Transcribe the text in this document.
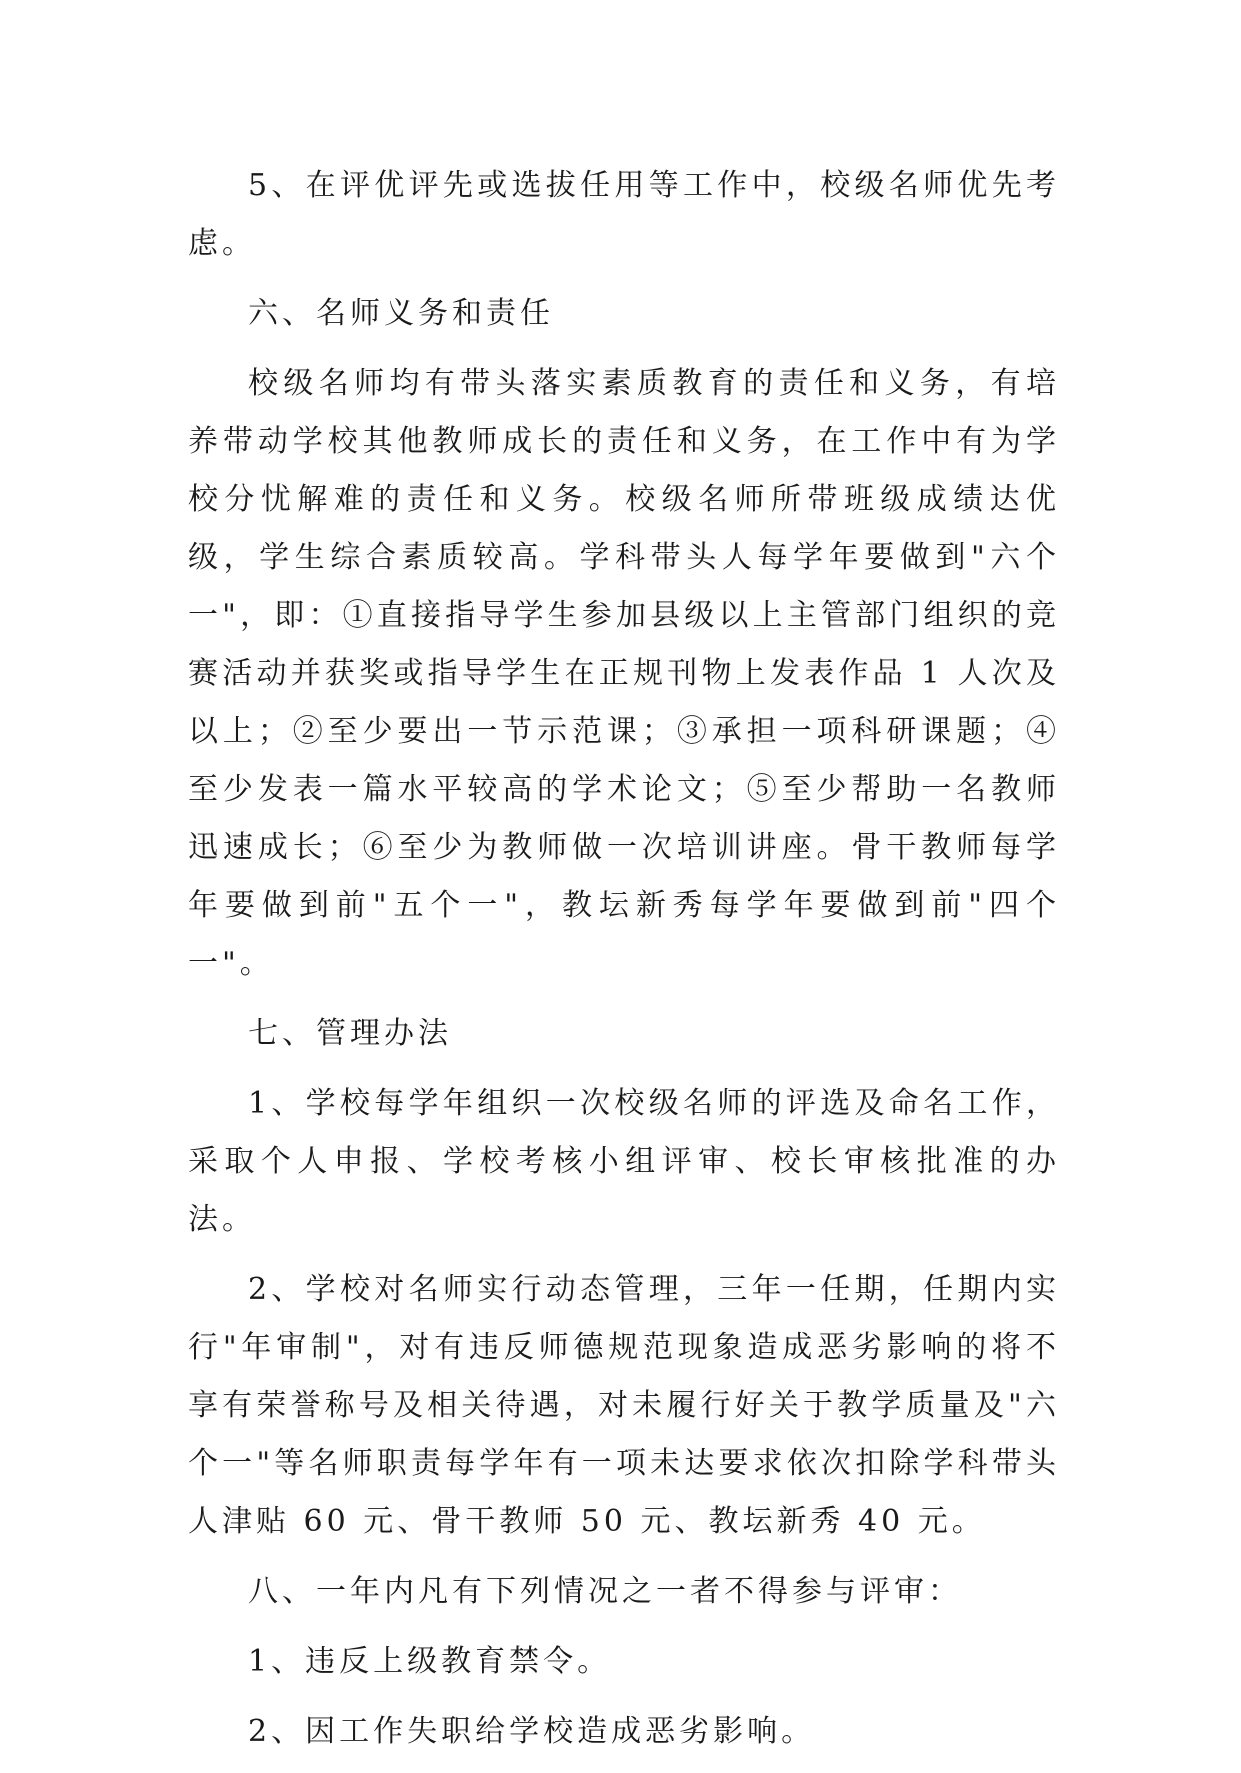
5、在评优评先或选拔任用等工作中，校级名师优先考虑。

六、名师义务和责任

校级名师均有带头落实素质教育的责任和义务，有培养带动学校其他教师成长的责任和义务，在工作中有为学校分忧解难的责任和义务。校级名师所带班级成绩达优级，学生综合素质较高。学科带头人每学年要做到"六个一"，即：①直接指导学生参加县级以上主管部门组织的竞赛活动并获奖或指导学生在正规刊物上发表作品 1 人次及以上；②至少要出一节示范课；③承担一项科研课题；④至少发表一篇水平较高的学术论文；⑤至少帮助一名教师迅速成长；⑥至少为教师做一次培训讲座。骨干教师每学年要做到前"五个一"，教坛新秀每学年要做到前"四个一"。

七、管理办法

1、学校每学年组织一次校级名师的评选及命名工作，采取个人申报、学校考核小组评审、校长审核批准的办法。

2、学校对名师实行动态管理，三年一任期，任期内实行"年审制"，对有违反师德规范现象造成恶劣影响的将不享有荣誉称号及相关待遇，对未履行好关于教学质量及"六个一"等名师职责每学年有一项未达要求依次扣除学科带头人津贴 60 元、骨干教师 50 元、教坛新秀 40 元。

八、一年内凡有下列情况之一者不得参与评审：

1、违反上级教育禁令。

2、因工作失职给学校造成恶劣影响。
